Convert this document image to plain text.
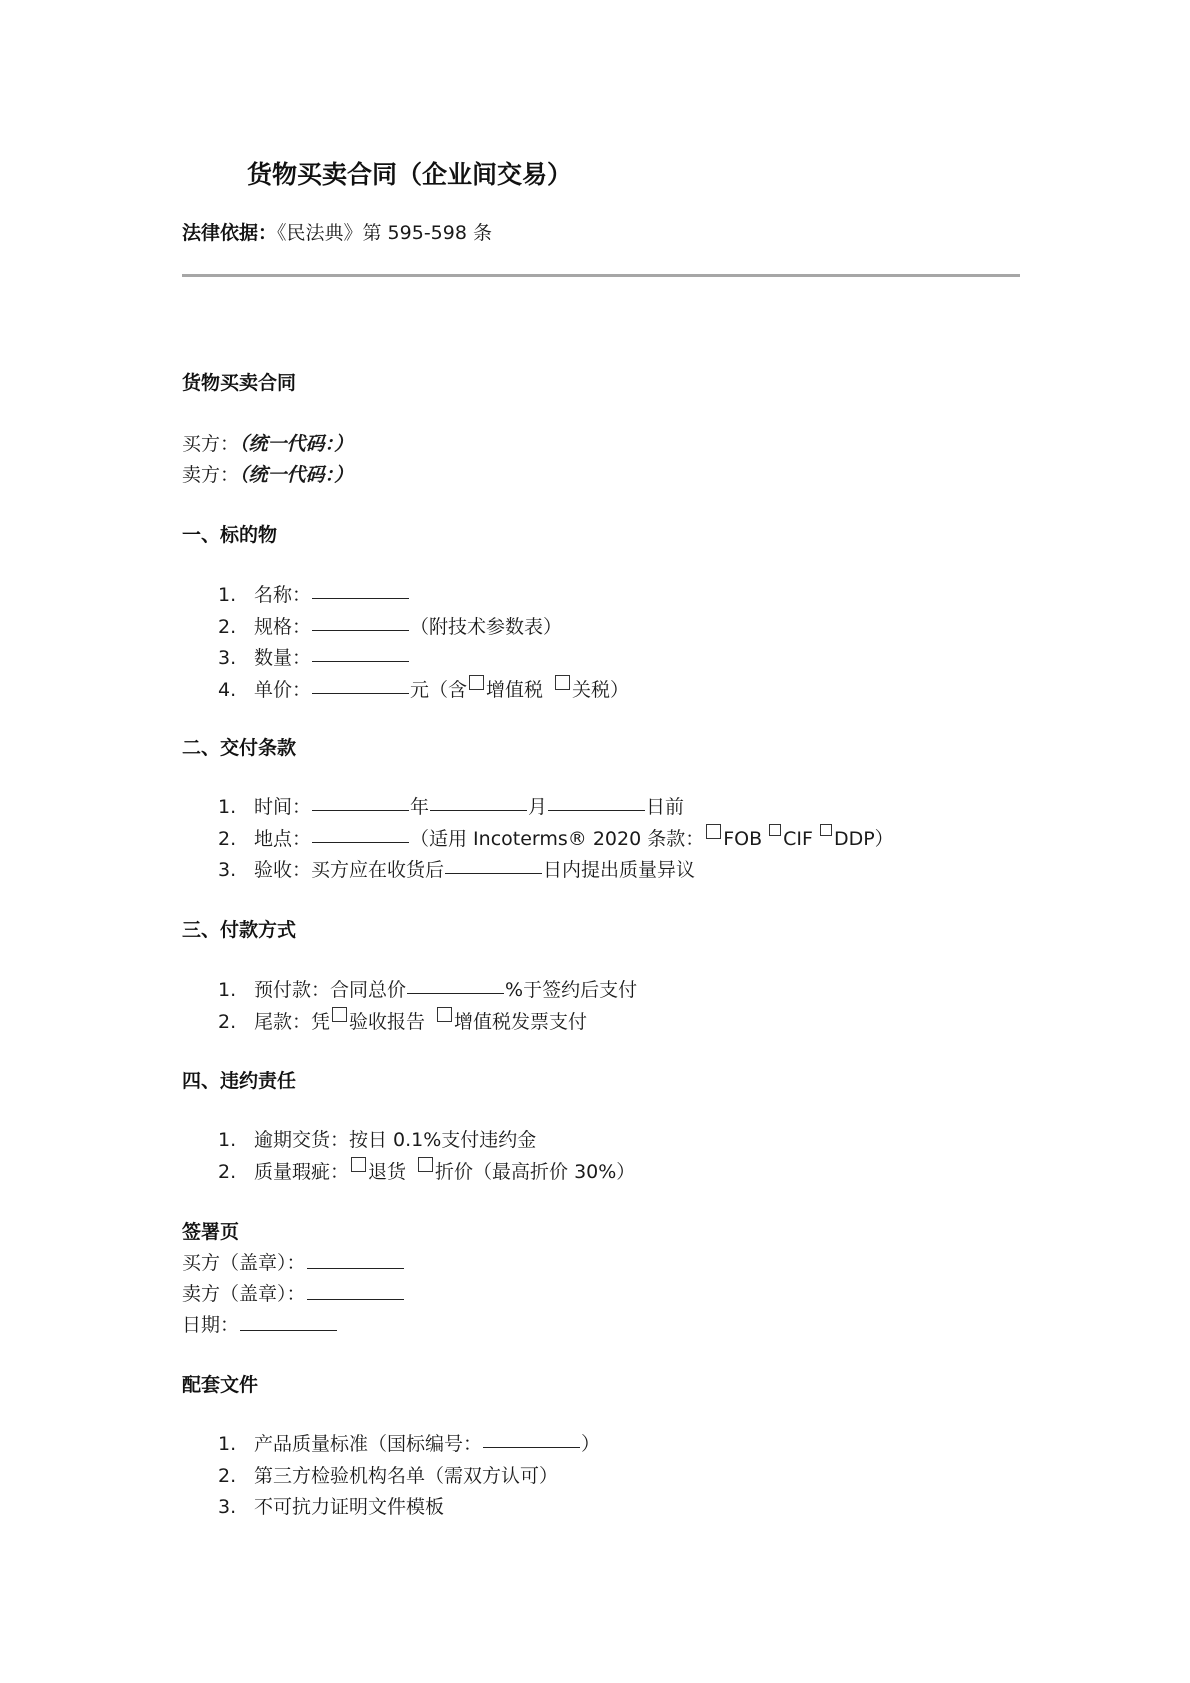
货物买卖合同（企业间交易）
法律依据：《民法典》第 595-598 条
货物买卖合同
买方：（统一代码：）
卖方：（统一代码：）
一、标的物
1. 名称：
2. 规格：	（附技术参数表）
3. 数量：
4. 单价：	元（含 增值税 关税）
二、交付条款
1. 时间：	年	月	日前
2. 地点：	（适用 Incoterms® 2020 条款： FOB CIF DDP）
3. 验收：买方应在收货后	日内提出质量异议
三、付款方式
1. 预付款：合同总价	%于签约后支付
2. 尾款：凭 验收报告 增值税发票支付
四、违约责任
1. 逾期交货：按日 0.1%支付违约金
2. 质量瑕疵： 退货 折价（最高折价 30%）
签署页
买方（盖章）：
卖方（盖章）：
日期：
配套文件
1. 产品质量标准（国标编号：	）
2. 第三方检验机构名单（需双方认可）
3. 不可抗力证明文件模板
